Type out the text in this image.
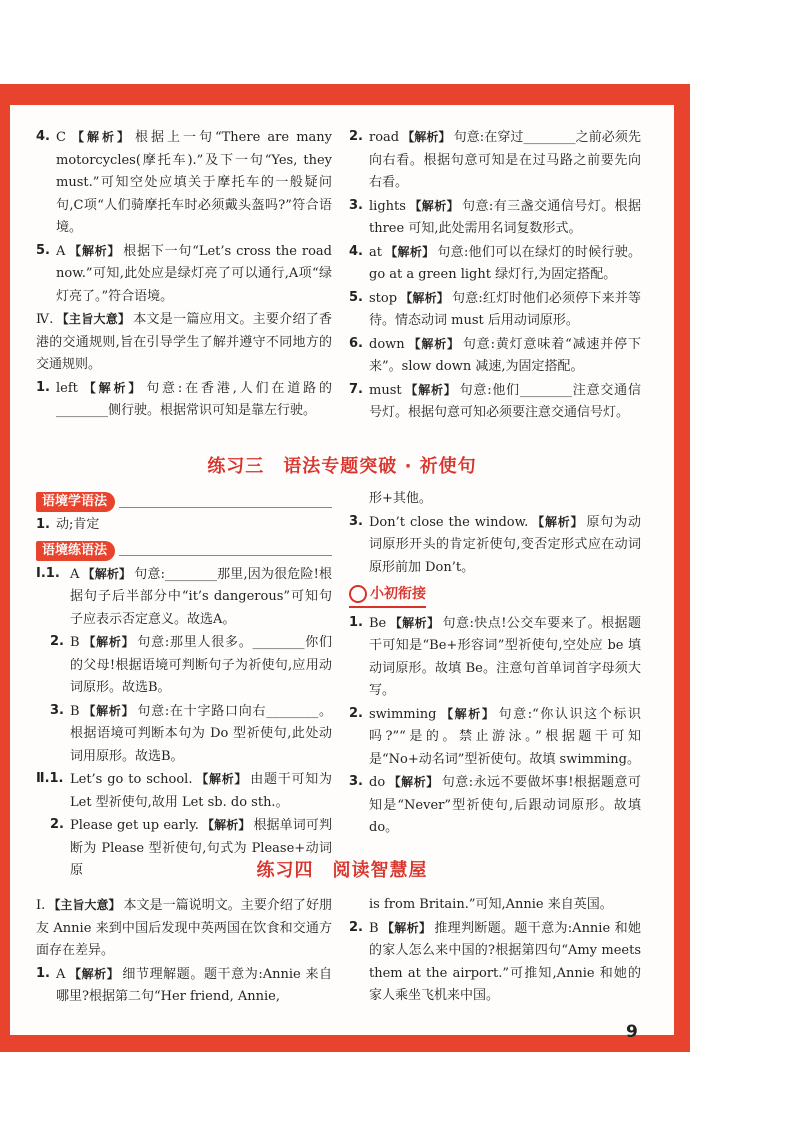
4. C 【解析】 根据上一句“There are many motorcycles(摩托车).”及下一句“Yes, they must.”可知空处应填关于摩托车的一般疑问句,C项“人们骑摩托车时必须戴头盔吗?”符合语境。
5. A 【解析】 根据下一句“Let’s cross the road now.”可知,此处应是绿灯亮了可以通行,A项“绿灯亮了。”符合语境。

Ⅳ. 【主旨大意】 本文是一篇应用文。主要介绍了香港的交通规则,旨在引导学生了解并遵守不同地方的交通规则。

1. left 【解析】 句意:在香港,人们在道路的________侧行驶。根据常识可知是靠左行驶。
2. road 【解析】 句意:在穿过________之前必须先向右看。根据句意可知是在过马路之前要先向右看。
3. lights 【解析】 句意:有三盏交通信号灯。根据 three 可知,此处需用名词复数形式。
4. at 【解析】 句意:他们可以在绿灯的时候行驶。go at a green light 绿灯行,为固定搭配。
5. stop 【解析】 句意:红灯时他们必须停下来并等待。情态动词 must 后用动词原形。
6. down 【解析】 句意:黄灯意味着“减速并停下来”。slow down 减速,为固定搭配。
7. must 【解析】 句意:他们________注意交通信号灯。根据句意可知必须要注意交通信号灯。
练习三　语法专题突破 · 祈使句
语境学语法
1. 动;肯定
语境练语法
Ⅰ.1. A 【解析】 句意:________那里,因为很危险!根据句子后半部分中“it’s dangerous”可知句子应表示否定意义。故选A。
2. B 【解析】 句意:那里人很多。________你们的父母!根据语境可判断句子为祈使句,应用动词原形。故选B。
3. B 【解析】 句意:在十字路口向右________。根据语境可判断本句为 Do 型祈使句,此处动词用原形。故选B。
Ⅱ.1. Let’s go to school. 【解析】 由题干可知为 Let 型祈使句,故用 Let sb. do sth.。
2. Please get up early. 【解析】 根据单词可判断为 Please 型祈使句,句式为 Please+动词原

形+其他。

3. Don’t close the window. 【解析】 原句为动词原形开头的肯定祈使句,变否定形式应在动词原形前加 Don’t。
小初衔接
1. Be 【解析】 句意:快点!公交车要来了。根据题干可知是“Be+形容词”型祈使句,空处应 be 填动词原形。故填 Be。注意句首单词首字母须大写。
2. swimming 【解析】 句意:“你认识这个标识吗?”“是的。禁止游泳。”根据题干可知是“No+动名词”型祈使句。故填 swimming。
3. do 【解析】 句意:永远不要做坏事!根据题意可知是“Never”型祈使句,后跟动词原形。故填 do。
练习四　阅读智慧屋

Ⅰ. 【主旨大意】 本文是一篇说明文。主要介绍了好朋友 Annie 来到中国后发现中英两国在饮食和交通方面存在差异。

1. A 【解析】 细节理解题。题干意为:Annie 来自哪里?根据第二句“Her friend, Annie,

is from Britain.”可知,Annie 来自英国。

2. B 【解析】 推理判断题。题干意为:Annie 和她的家人怎么来中国的?根据第四句“Amy meets them at the airport.”可推知,Annie 和她的家人乘坐飞机来中国。
9
